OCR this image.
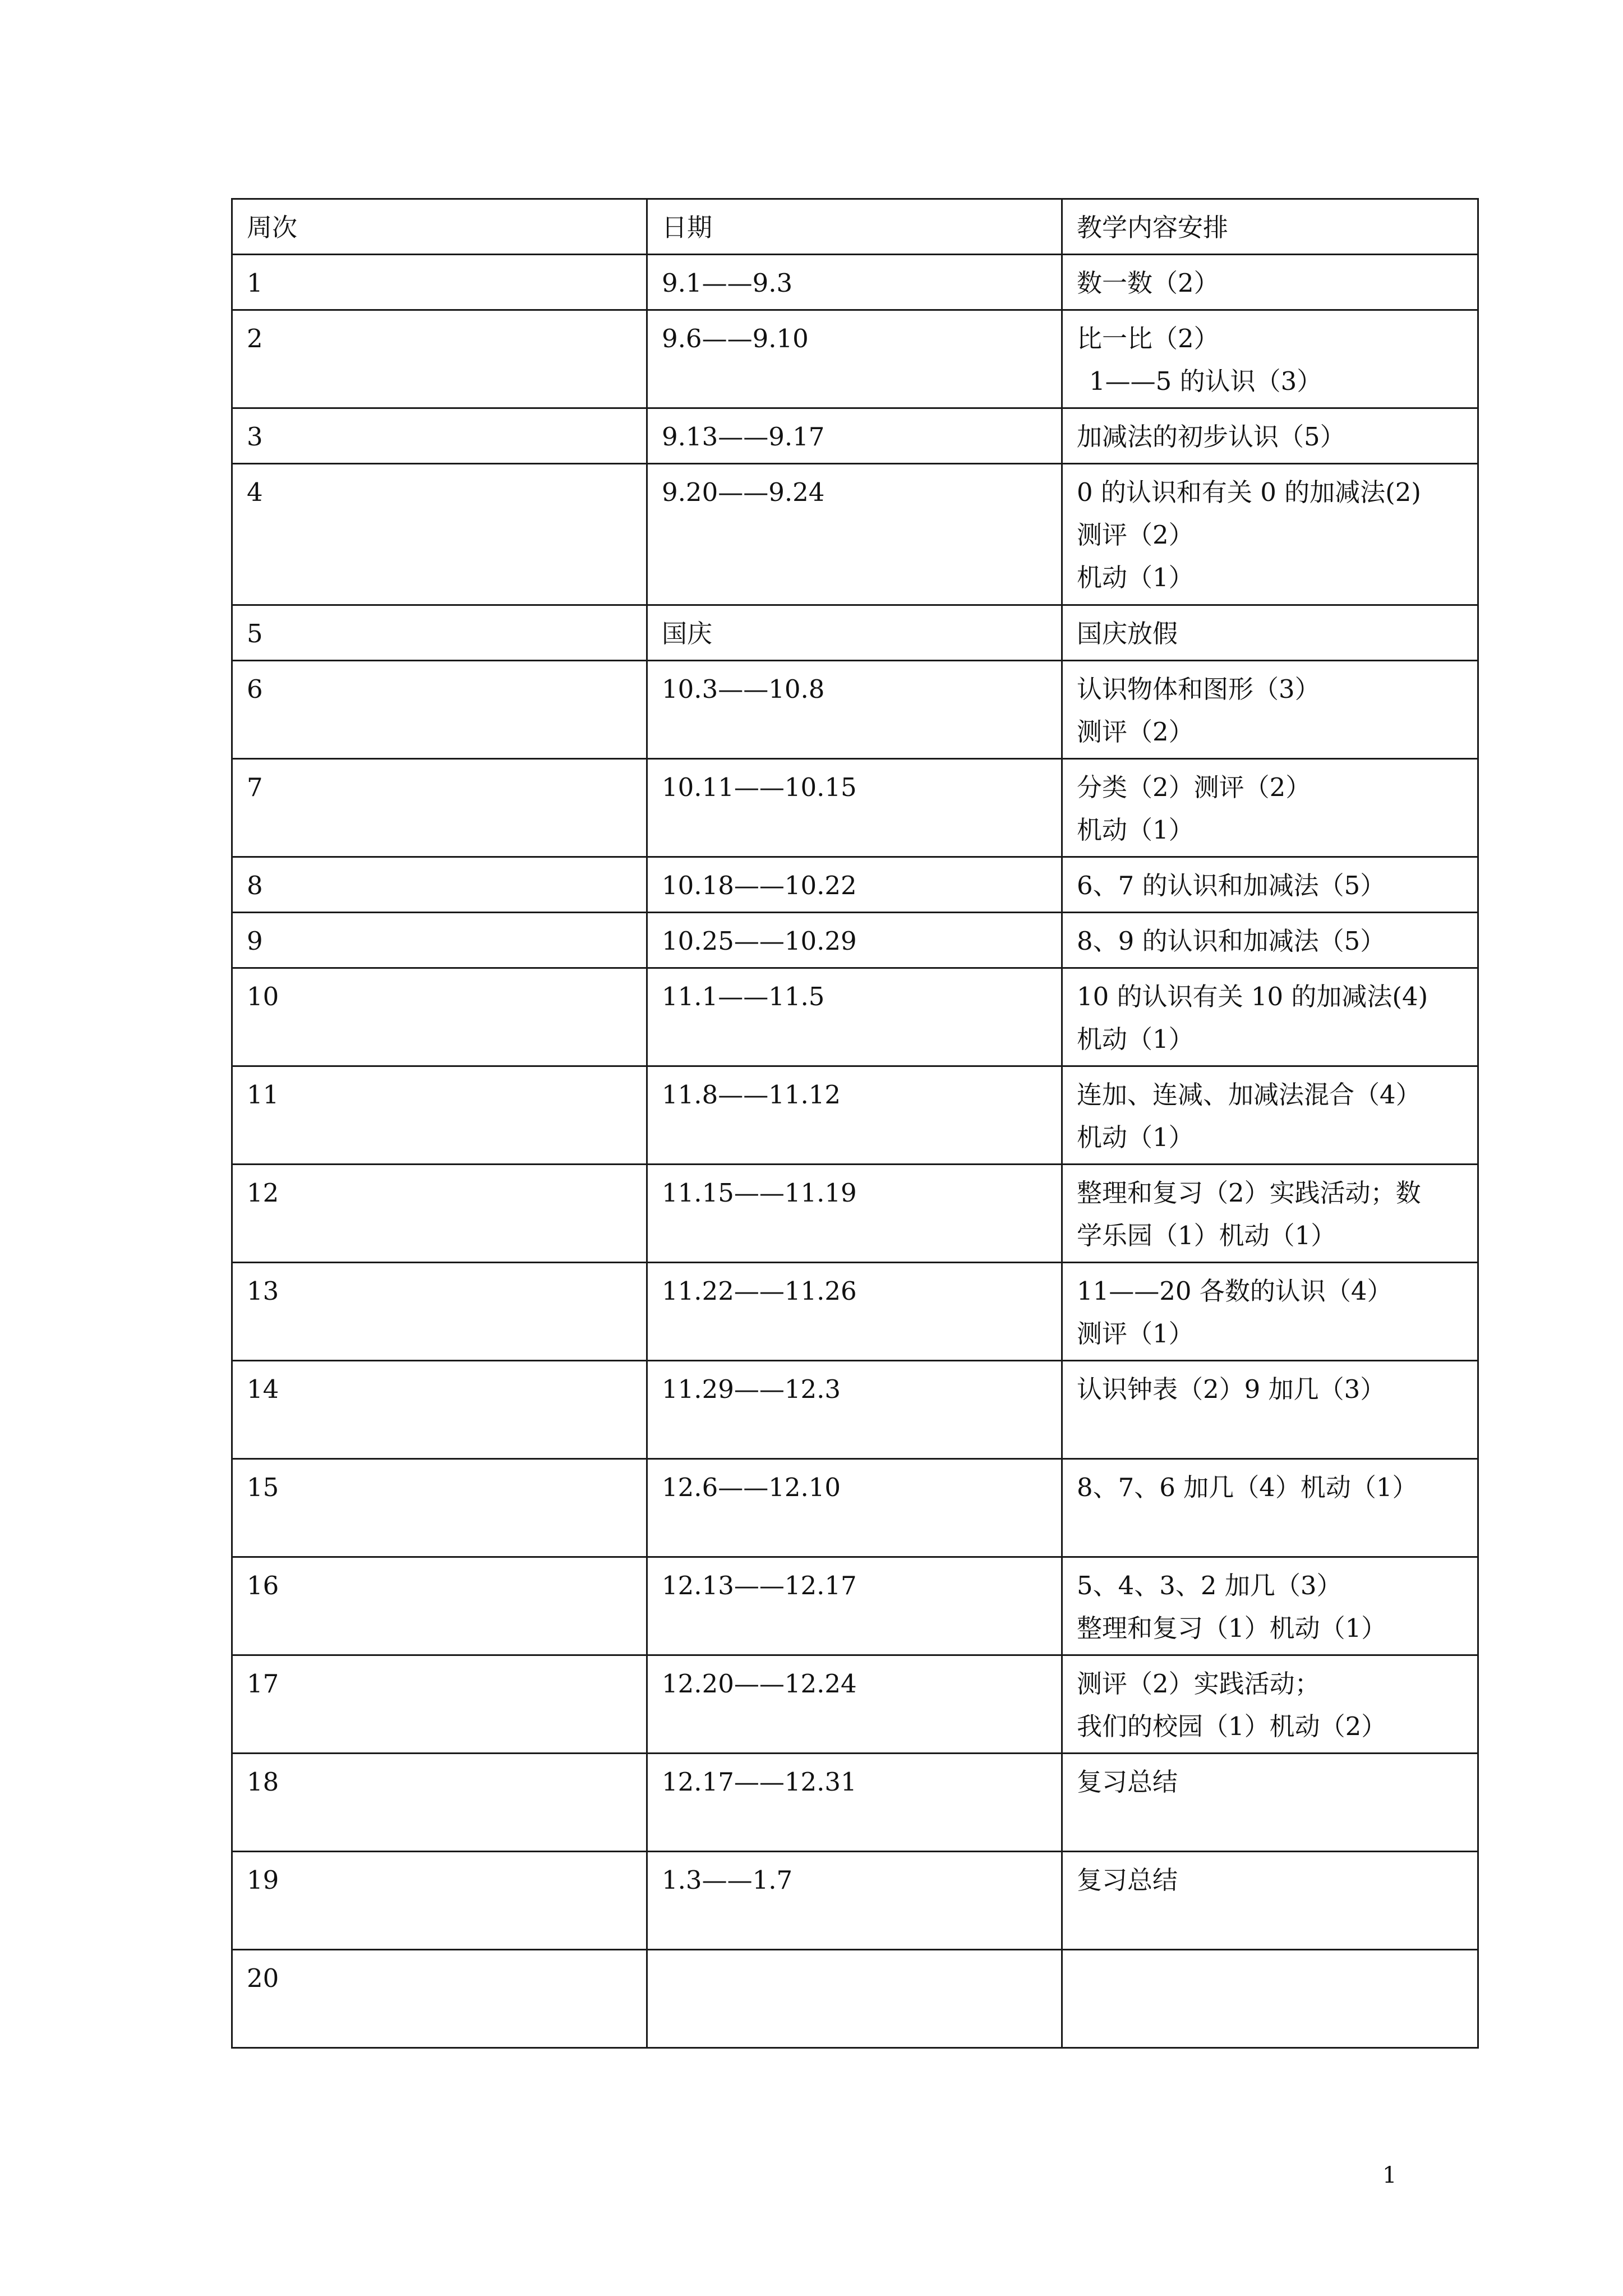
周次	日期	教学内容安排
1	9.1——9.3	数一数（2）

2	9.6——9.10	比一比（2）
1——5 的认识（3）

3	9.13——9.17	加减法的初步认识（5）

4	9.20——9.24	0 的认识和有关 0 的加减法(2)
测评（2）
机动（1）

5	国庆	国庆放假

6	10.3——10.8	认识物体和图形（3）
测评（2）

7	10.11——10.15	分类（2）测评（2）
机动（1）

8	10.18——10.22	6、7 的认识和加减法（5）

9	10.25——10.29	8、9 的认识和加减法（5）

10	11.1——11.5	10 的认识有关 10 的加减法(4)
机动（1）

11	11.8——11.12	连加、连减、加减法混合（4）
机动（1）

12	11.15——11.19	整理和复习（2）实践活动；数
学乐园（1）机动（1）

13	11.22——11.26	11——20 各数的认识（4）
测评（1）

14	11.29——12.3	认识钟表（2）9 加几（3）

15	12.6——12.10	8、7、6 加几（4）机动（1）

16	12.13——12.17	5、4、3、2 加几（3）
整理和复习（1）机动（1）

17	12.20——12.24	测评（2）实践活动；
我们的校园（1）机动（2）

18	12.17——12.31	复习总结

19	1.3——1.7	复习总结

20		

1
